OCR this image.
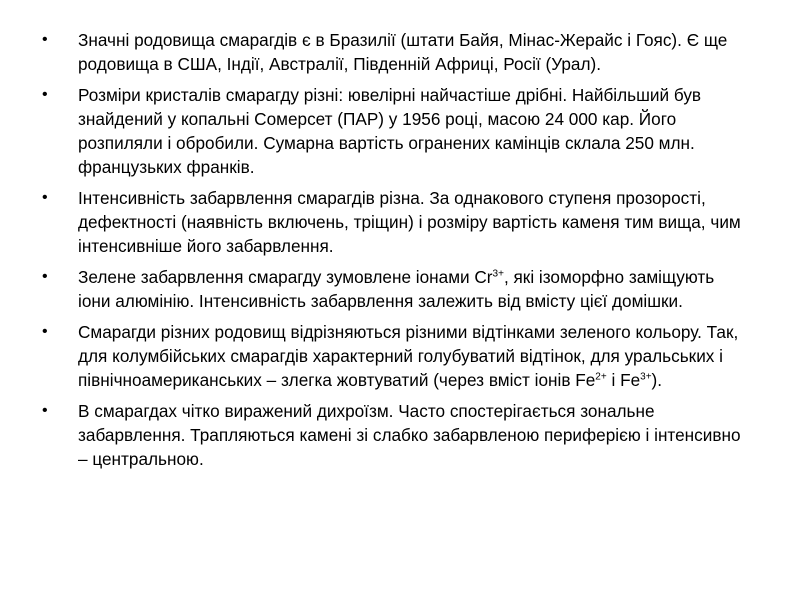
• Значні родовища смарагдів є в Бразилії (штати Байя, Мінас-Жерайс і Гояс). Є ще родовища в США, Індії, Австралії, Південній Африці, Росії (Урал).
• Розміри кристалів смарагду різні: ювелірні найчастіше дрібні. Найбільший був знайдений у копальні Сомерсет (ПАР) у 1956 році, масою 24 000 кар. Його розпиляли і обробили. Сумарна вартість огранених камінців склала 250 млн. французьких франків.
• Інтенсивність забарвлення смарагдів різна. За однакового ступеня прозорості, дефектності (наявність включень, тріщин) і розміру вартість каменя тим вища, чим інтенсивніше його забарвлення.
• Зелене забарвлення смарагду зумовлене іонами $Cr^{3+}$, які ізоморфно заміщують іони алюмінію. Інтенсивність забарвлення залежить від вмісту цієї домішки.
• Смарагди різних родовищ відрізняються різними відтінками зеленого кольору. Так, для колумбійських смарагдів характерний голубуватий відтінок, для уральських і північноамериканських – злегка жовтуватий (через вміст іонів $Fe^{2+}$ і $Fe^{3+}$).
• В смарагдах чітко виражений дихроїзм. Часто спостерігається зональне забарвлення. Трапляються камені зі слабко забарвленою периферією і інтенсивно – центральною.
